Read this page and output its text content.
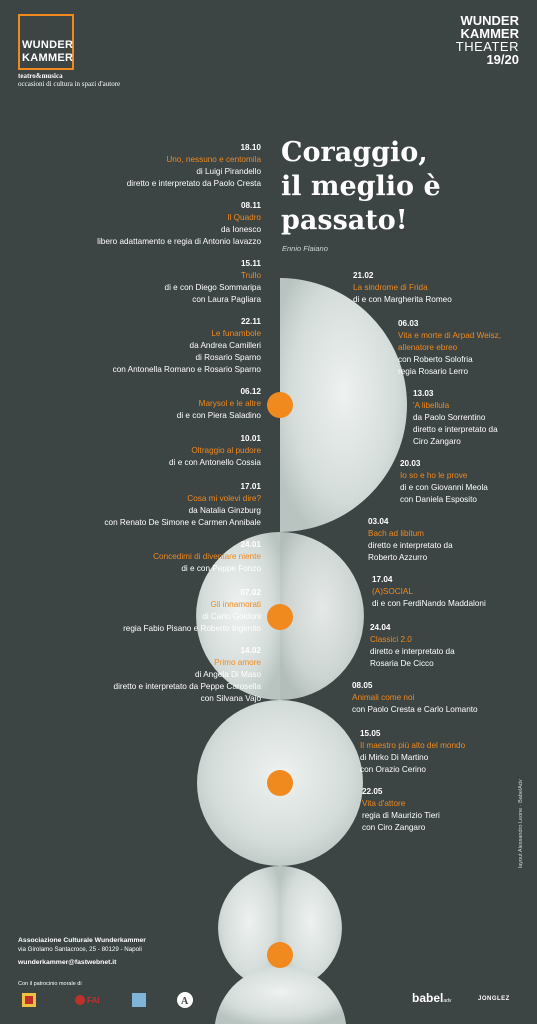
WUNDER
KAMMER
teatro&musica
occasioni di cultura in spazi d'autore
WUNDER
KAMMER
THEATER
19/20
Coraggio,
il meglio è
passato!
Ennio Flaiano
18.10
Uno, nessuno e centomila
di Luigi Pirandello
diretto e interpretato da Paolo Cresta
08.11
Il Quadro
da Ionesco
libero adattamento e regia di Antonio Iavazzo
15.11
Trullo
di e con Diego Sommaripa
con Laura Pagliara
22.11
Le funambole
da Andrea Camilleri
di Rosario Sparno
con Antonella Romano e Rosario Sparno
06.12
Marysol e le altre
di e con Piera Saladino
10.01
Oltraggio al pudore
di e con Antonello Cossia
17.01
Cosa mi volevi dire?
da Natalia Ginzburg
con Renato De Simone e Carmen Annibale
24.01
Concedimi di diventare niente
di e con Peppe Fonzo
07.02
Gli innamorati
di Carlo Goldoni
regia Fabio Pisano e Roberto Ingenito
14.02
Primo amore
di Angela Di Maso
diretto e interpretato da Peppe Carosella
con Silvana Vajo
21.02
La sindrome di Frida
di e con Margherita Romeo
06.03
Vita e morte di Arpad Weisz, allenatore ebreo
con Roberto Solofria
regia Rosario Lerro
13.03
'A libellula
da Paolo Sorrentino
diretto e interpretato da
Ciro Zangaro
20.03
Io so e ho le prove
di e con Giovanni Meola
con Daniela Esposito
03.04
Bach ad libitum
diretto e interpretato da
Roberto Azzurro
17.04
(A)SOCIAL
di e con FerdiNando Maddaloni
24.04
Classici 2.0
diretto e interpretato da
Rosaria De Cicco
08.05
Animali come noi
con Paolo Cresta e Carlo Lomanto
15.05
Il maestro più alto del mondo
di Mirko Di Martino
con Orazio Cerino
22.05
Vita d'attore
regia di Maurizio Tieri
con Ciro Zangaro	layout Alessandro Leone · BabelAdv
Associazione Culturale Wunderkammer
via Girolamo Santacroce, 25 - 80129 - Napoli
wunderkammer@fastwebnet.it
Con il patrocinio morale di
FAI	A	babeladv	JONGLEZ
